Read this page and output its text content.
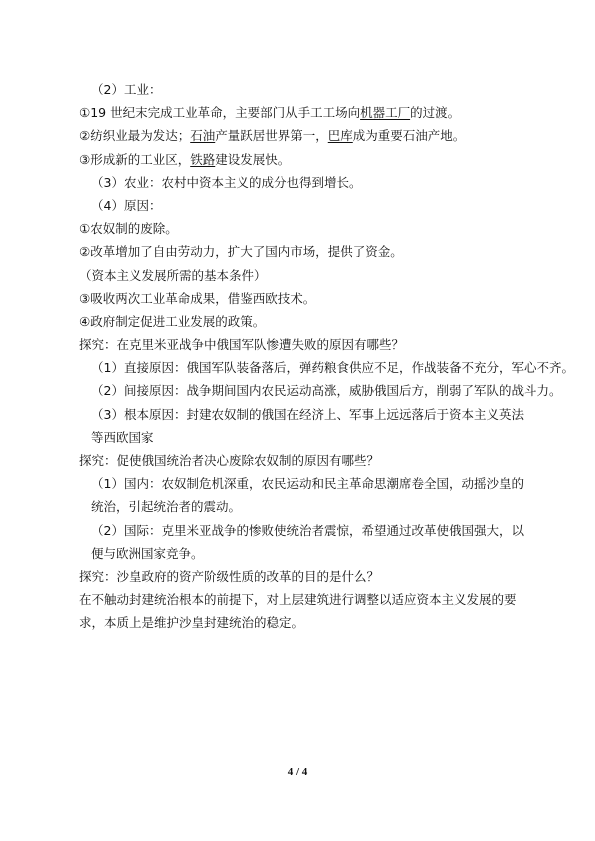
（2）工业：
①19 世纪末完成工业革命，主要部门从手工工场向机器工厂的过渡。
②纺织业最为发达；石油产量跃居世界第一，巴库成为重要石油产地。
③形成新的工业区，铁路建设发展快。
（3）农业：农村中资本主义的成分也得到增长。
（4）原因：
①农奴制的废除。
②改革增加了自由劳动力，扩大了国内市场，提供了资金。
（资本主义发展所需的基本条件）
③吸收两次工业革命成果，借鉴西欧技术。
④政府制定促进工业发展的政策。
探究：在克里米亚战争中俄国军队惨遭失败的原因有哪些？
（1）直接原因：俄国军队装备落后，弹药粮食供应不足，作战装备不充分，军心不齐。
（2）间接原因：战争期间国内农民运动高涨，威胁俄国后方，削弱了军队的战斗力。
（3）根本原因：封建农奴制的俄国在经济上、军事上远远落后于资本主义英法等西欧国家
探究：促使俄国统治者决心废除农奴制的原因有哪些？
（1）国内：农奴制危机深重，农民运动和民主革命思潮席卷全国，动摇沙皇的统治，引起统治者的震动。
（2）国际：克里米亚战争的惨败使统治者震惊，希望通过改革使俄国强大，以便与欧洲国家竞争。
探究：沙皇政府的资产阶级性质的改革的目的是什么？
在不触动封建统治根本的前提下，对上层建筑进行调整以适应资本主义发展的要求，本质上是维护沙皇封建统治的稳定。
4 / 4
